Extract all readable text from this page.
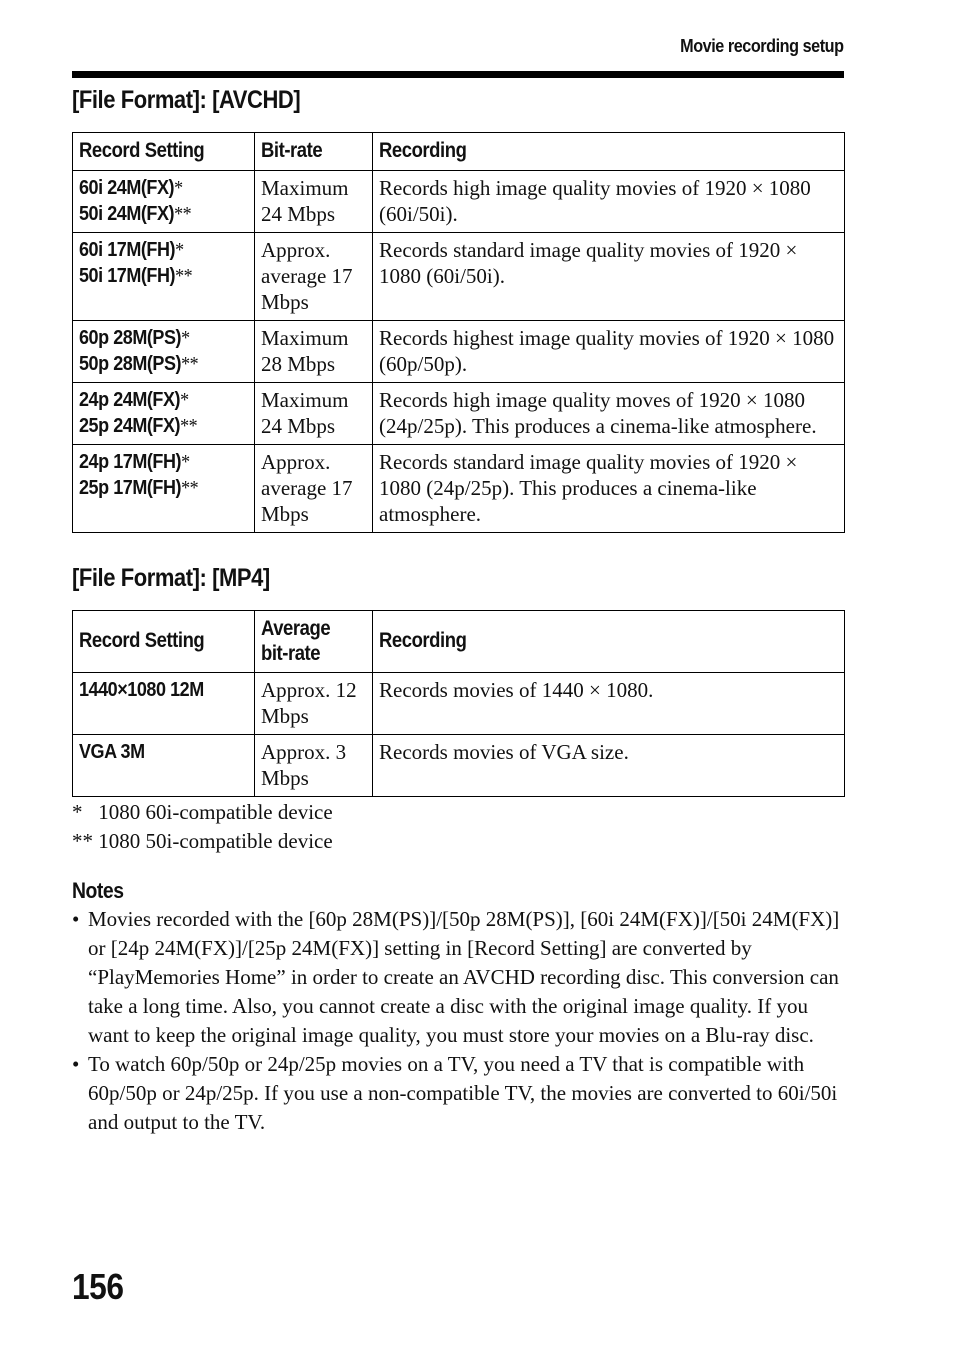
Movie recording setup
[File Format]: [AVCHD]
Record Setting	Bit-rate	Recording

60i 24M(FX)*
50i 24M(FX)**	Maximum 24 Mbps	Records high image quality movies of 1920 × 1080 (60i/50i).

60i 17M(FH)*
50i 17M(FH)**	Approx. average 17 Mbps	Records standard image quality movies of 1920 × 1080 (60i/50i).

60p 28M(PS)*
50p 28M(PS)**	Maximum 28 Mbps	Records highest image quality movies of 1920 × 1080 (60p/50p).

24p 24M(FX)*
25p 24M(FX)**	Maximum 24 Mbps	Records high image quality moves of 1920 × 1080 (24p/25p). This produces a cinema-like atmosphere.

24p 17M(FH)*
25p 17M(FH)**	Approx. average 17 Mbps	Records standard image quality movies of 1920 × 1080 (24p/25p). This produces a cinema-like atmosphere.
[File Format]: [MP4]
Record Setting	Average bit-rate	Recording

1440×1080 12M	Approx. 12 Mbps	Records movies of 1440 × 1080.

VGA 3M	Approx. 3 Mbps	Records movies of VGA size.
* 1080 60i-compatible device
** 1080 50i-compatible device
Notes
• Movies recorded with the [60p 28M(PS)]/[50p 28M(PS)], [60i 24M(FX)]/[50i 24M(FX)] or [24p 24M(FX)]/[25p 24M(FX)] setting in [Record Setting] are converted by “PlayMemories Home” in order to create an AVCHD recording disc. This conversion can take a long time. Also, you cannot create a disc with the original image quality. If you want to keep the original image quality, you must store your movies on a Blu-ray disc.
• To watch 60p/50p or 24p/25p movies on a TV, you need a TV that is compatible with 60p/50p or 24p/25p. If you use a non-compatible TV, the movies are converted to 60i/50i and output to the TV.
156
